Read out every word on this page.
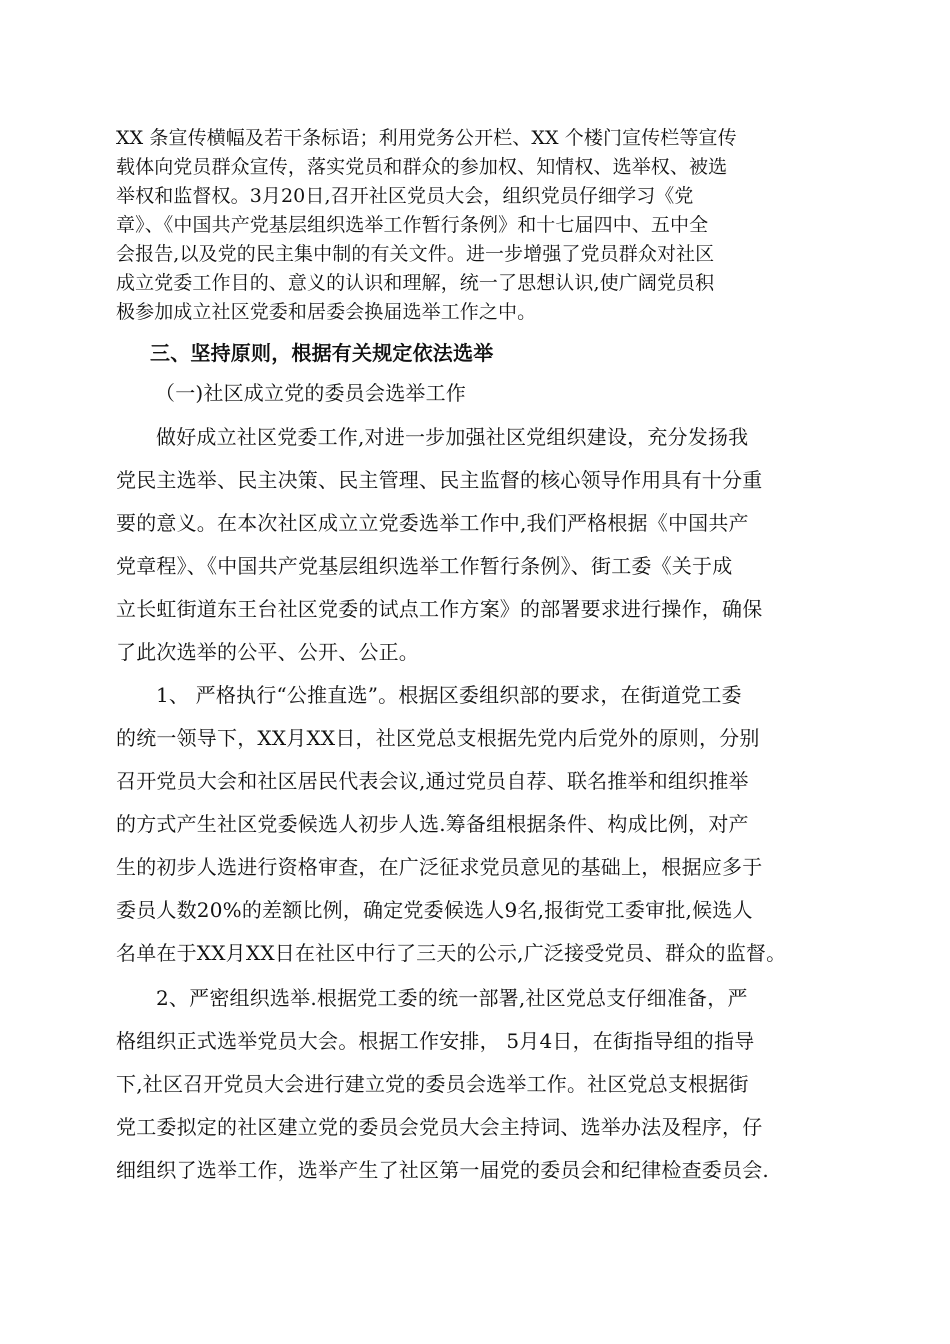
XX 条宣传横幅及若干条标语；利用党务公开栏、XX 个楼门宣传栏等宣传
载体向党员群众宣传，落实党员和群众的参加权、知情权、选举权、被选
举权和监督权。3月20日,召开社区党员大会，组织党员仔细学习《党
章》、《中国共产党基层组织选举工作暂行条例》和十七届四中、五中全
会报告,以及党的民主集中制的有关文件。进一步增强了党员群众对社区
成立党委工作目的、意义的认识和理解，统一了思想认识,使广阔党员积
极参加成立社区党委和居委会换届选举工作之中。
三、坚持原则，根据有关规定依法选举
（一)社区成立党的委员会选举工作
做好成立社区党委工作,对进一步加强社区党组织建设，充分发扬我
党民主选举、民主决策、民主管理、民主监督的核心领导作用具有十分重
要的意义。在本次社区成立立党委选举工作中,我们严格根据《中国共产
党章程》、《中国共产党基层组织选举工作暂行条例》、街工委《关于成
立长虹街道东王台社区党委的试点工作方案》的部署要求进行操作，确保
了此次选举的公平、公开、公正。
1、 严格执行“公推直选”。根据区委组织部的要求，在街道党工委
的统一领导下，XX月XX日，社区党总支根据先党内后党外的原则，分别
召开党员大会和社区居民代表会议,通过党员自荐、联名推举和组织推举
的方式产生社区党委候选人初步人选.筹备组根据条件、构成比例，对产
生的初步人选进行资格审查，在广泛征求党员意见的基础上，根据应多于
委员人数20%的差额比例，确定党委候选人9名,报街党工委审批,候选人
名单在于XX月XX日在社区中行了三天的公示,广泛接受党员、群众的监督。
2、严密组织选举.根据党工委的统一部署,社区党总支仔细准备，严
格组织正式选举党员大会。根据工作安排， 5月4日，在街指导组的指导
下,社区召开党员大会进行建立党的委员会选举工作。社区党总支根据街
党工委拟定的社区建立党的委员会党员大会主持词、选举办法及程序，仔
细组织了选举工作，选举产生了社区第一届党的委员会和纪律检查委员会.
